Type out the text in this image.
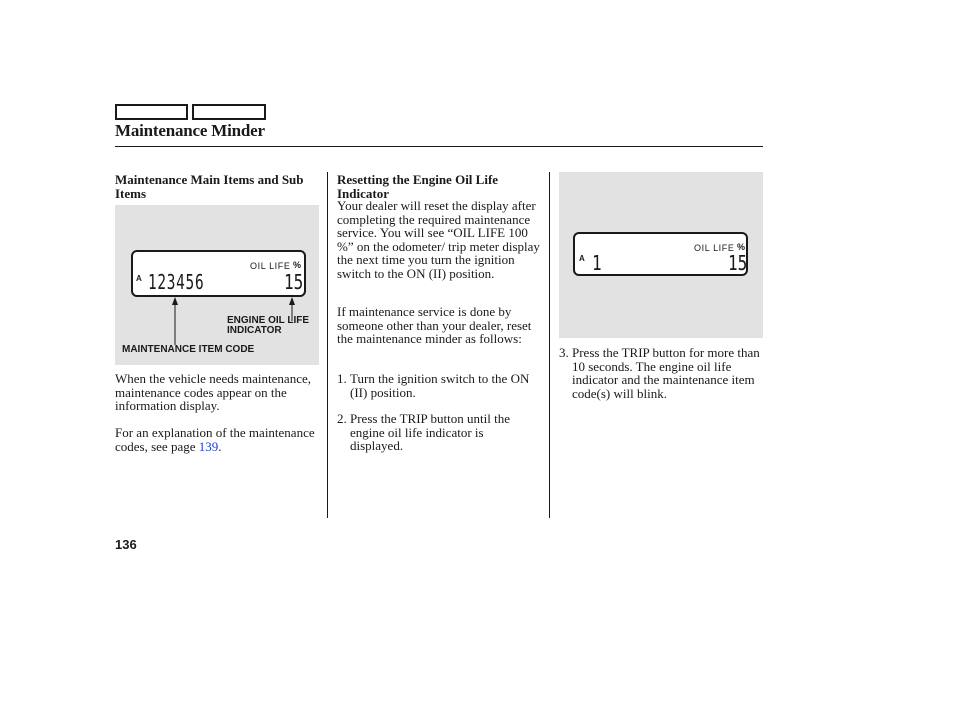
Maintenance Minder
Maintenance Main Items and Sub Items
A
OIL LIFE %
123456	15
ENGINE OIL LIFE
INDICATOR
MAINTENANCE ITEM CODE
When the vehicle needs maintenance, maintenance codes appear on the information display.
For an explanation of the maintenance codes, see page 139.
Resetting the Engine Oil Life Indicator
Your dealer will reset the display after completing the required maintenance service. You will see “OIL LIFE 100 %” on the odometer/ trip meter display the next time you turn the ignition switch to the ON (II) position.
If maintenance service is done by someone other than your dealer, reset the maintenance minder as follows:
1. Turn the ignition switch to the ON (II) position.
2. Press the TRIP button until the engine oil life indicator is displayed.
A
OIL LIFE %
1	15
3. Press the TRIP button for more than 10 seconds. The engine oil life indicator and the maintenance item code(s) will blink.
136
